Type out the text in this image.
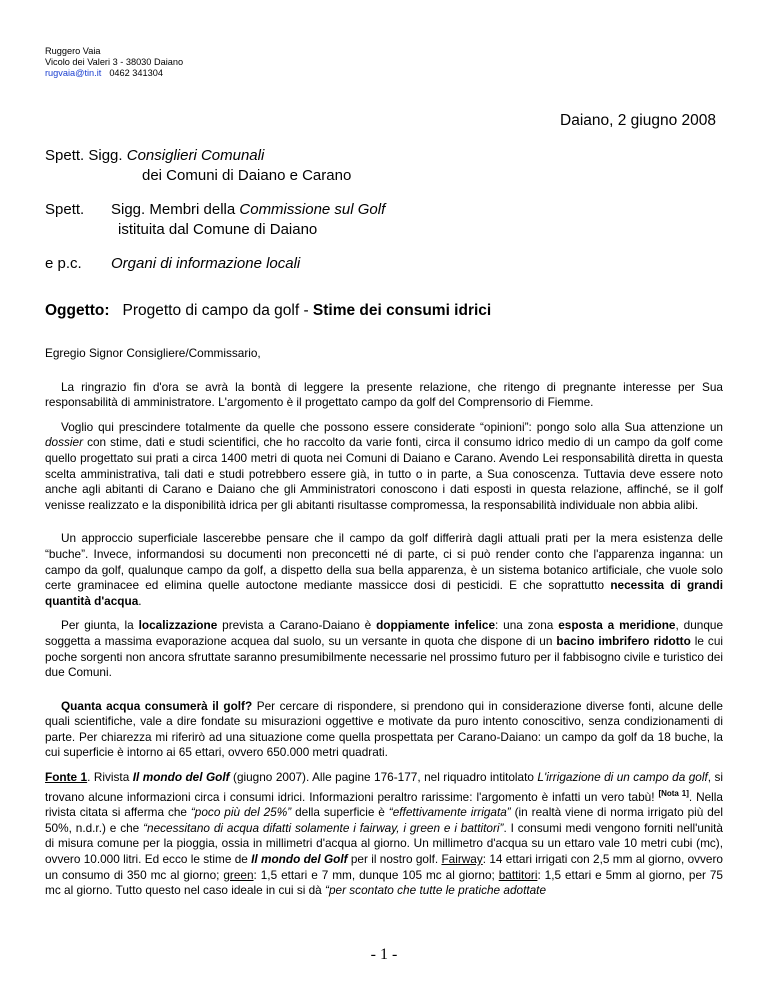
Ruggero Vaia
Vicolo dei Valeri 3 - 38030 Daiano
rugvaia@tin.it 0462 341304
Daiano, 2 giugno 2008
Spett. Sigg. Consiglieri Comunali
dei Comuni di Daiano e Carano
Spett. Sigg. Membri della Commissione sul Golf
istituita dal Comune di Daiano
e p.c. Organi di informazione locali
Oggetto: Progetto di campo da golf - Stime dei consumi idrici

Egregio Signor Consigliere/Commissario,

La ringrazio fin d'ora se avrà la bontà di leggere la presente relazione, che ritengo di pregnante interesse per Sua responsabilità di amministratore. L'argomento è il progettato campo da golf del Comprensorio di Fiemme.

Voglio qui prescindere totalmente da quelle che possono essere considerate “opinioni”: pongo solo alla Sua attenzione un dossier con stime, dati e studi scientifici, che ho raccolto da varie fonti, circa il consumo idrico medio di un campo da golf come quello progettato sui prati a circa 1400 metri di quota nei Comuni di Daiano e Carano. Avendo Lei responsabilità diretta in questa scelta amministrativa, tali dati e studi potrebbero essere già, in tutto o in parte, a Sua conoscenza. Tuttavia deve essere noto anche agli abitanti di Carano e Daiano che gli Amministratori conoscono i dati esposti in questa relazione, affinché, se il golf venisse realizzato e la disponibilità idrica per gli abitanti risultasse compromessa, la responsabilità individuale non abbia alibi.

Un approccio superficiale lascerebbe pensare che il campo da golf differirà dagli attuali prati per la mera esistenza delle “buche”. Invece, informandosi su documenti non preconcetti né di parte, ci si può render conto che l'apparenza inganna: un campo da golf, qualunque campo da golf, a dispetto della sua bella apparenza, è un sistema botanico artificiale, che vuole solo certe graminacee ed elimina quelle autoctone mediante massicce dosi di pesticidi. E che soprattutto necessita di grandi quantità d'acqua.

Per giunta, la localizzazione prevista a Carano-Daiano è doppiamente infelice: una zona esposta a meridione, dunque soggetta a massima evaporazione acquea dal suolo, su un versante in quota che dispone di un bacino imbrifero ridotto le cui poche sorgenti non ancora sfruttate saranno presumibilmente necessarie nel prossimo futuro per il fabbisogno civile e turistico dei due Comuni.

Quanta acqua consumerà il golf? Per cercare di rispondere, si prendono qui in considerazione diverse fonti, alcune delle quali scientifiche, vale a dire fondate su misurazioni oggettive e motivate da puro intento conoscitivo, senza condizionamenti di parte. Per chiarezza mi riferirò ad una situazione come quella prospettata per Carano-Daiano: un campo da golf da 18 buche, la cui superficie è intorno ai 65 ettari, ovvero 650.000 metri quadrati.

Fonte 1. Rivista Il mondo del Golf (giugno 2007). Alle pagine 176-177, nel riquadro intitolato L'irrigazione di un campo da golf, si trovano alcune informazioni circa i consumi idrici. Informazioni peraltro rarissime: l'argomento è infatti un vero tabù! [Nota 1]. Nella rivista citata si afferma che “poco più del 25%” della superficie è “effettivamente irrigata” (in realtà viene di norma irrigato più del 50%, n.d.r.) e che “necessitano di acqua difatti solamente i fairway, i green e i battitori”. I consumi medi vengono forniti nell'unità di misura comune per la pioggia, ossia in millimetri d'acqua al giorno. Un millimetro d'acqua su un ettaro vale 10 metri cubi (mc), ovvero 10.000 litri. Ed ecco le stime de Il mondo del Golf per il nostro golf. Fairway: 14 ettari irrigati con 2,5 mm al giorno, ovvero un consumo di 350 mc al giorno; green: 1,5 ettari e 7 mm, dunque 105 mc al giorno; battitori: 1,5 ettari e 5mm al giorno, per 75 mc al giorno. Tutto questo nel caso ideale in cui si dà “per scontato che tutte le pratiche adottate

- 1 -
